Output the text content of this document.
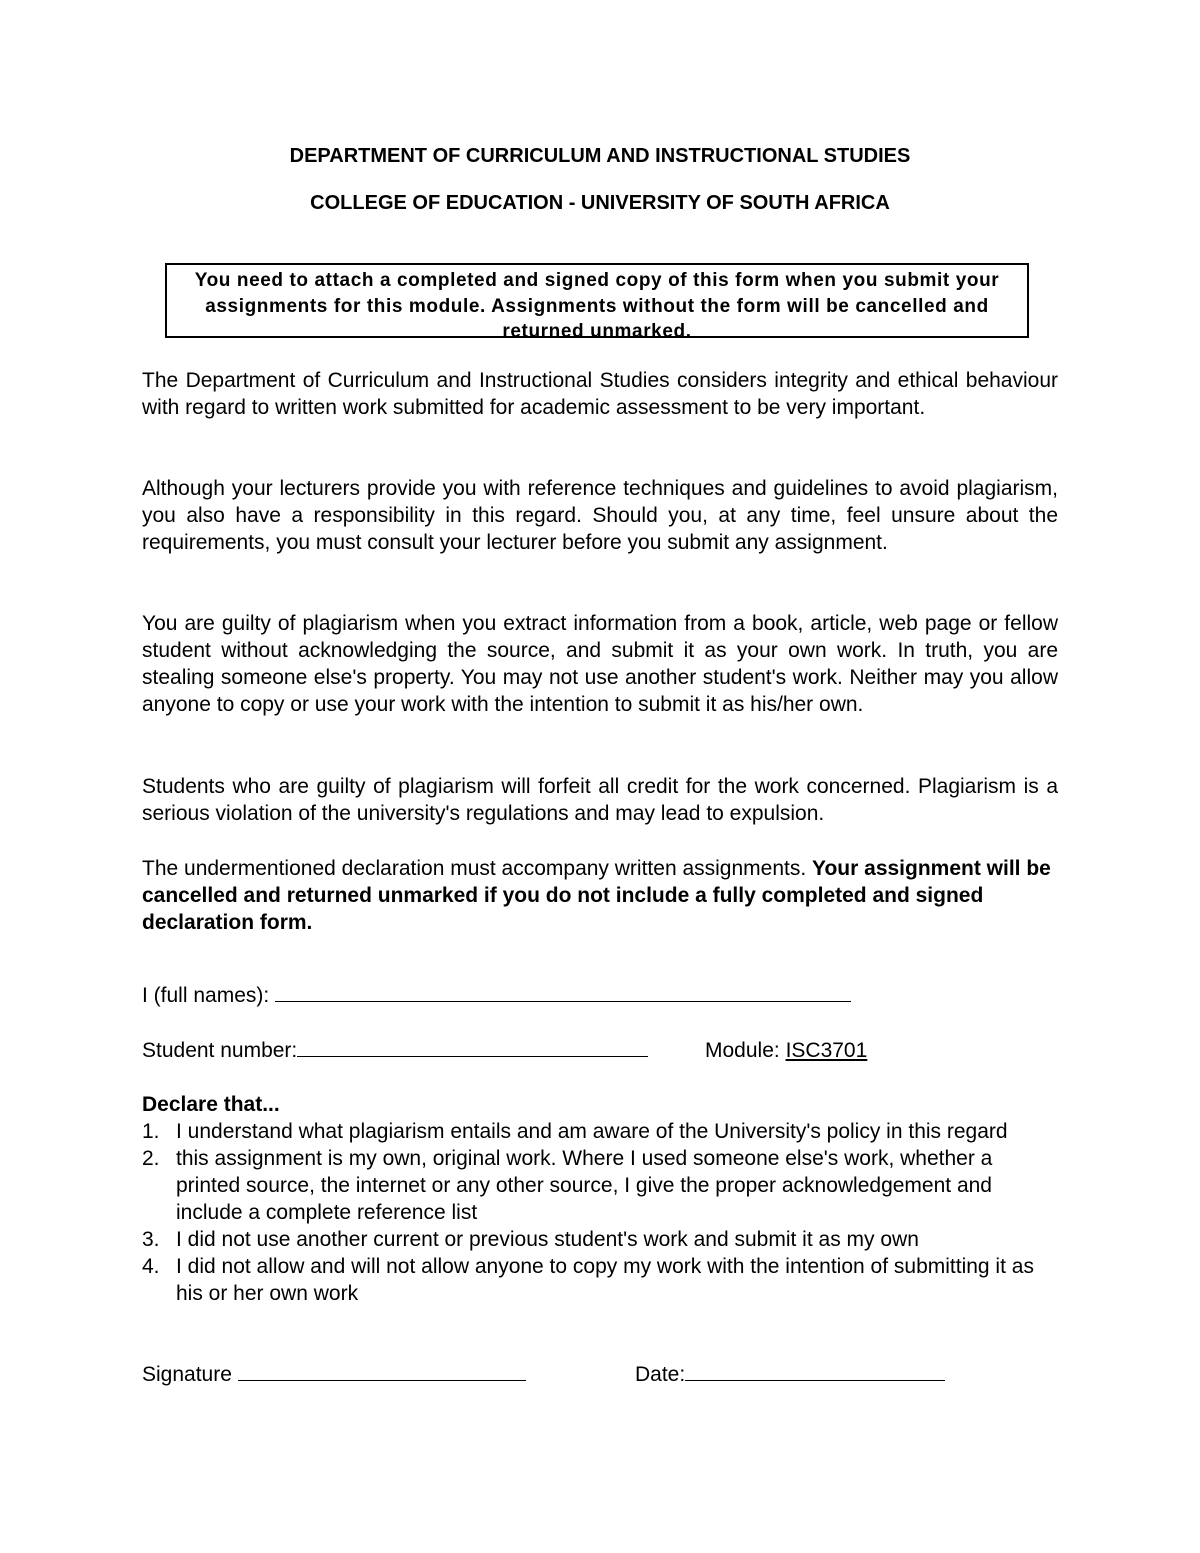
DEPARTMENT OF CURRICULUM AND INSTRUCTIONAL STUDIES
COLLEGE OF EDUCATION - UNIVERSITY OF SOUTH AFRICA
You need to attach a completed and signed copy of this form when you submit your assignments for this module. Assignments without the form will be cancelled and returned unmarked.

The Department of Curriculum and Instructional Studies considers integrity and ethical behaviour with regard to written work submitted for academic assessment to be very important.

Although your lecturers provide you with reference techniques and guidelines to avoid plagiarism, you also have a responsibility in this regard. Should you, at any time, feel unsure about the requirements, you must consult your lecturer before you submit any assignment.

You are guilty of plagiarism when you extract information from a book, article, web page or fellow student without acknowledging the source, and submit it as your own work. In truth, you are stealing someone else's property. You may not use another student's work. Neither may you allow anyone to copy or use your work with the intention to submit it as his/her own.

Students who are guilty of plagiarism will forfeit all credit for the work concerned. Plagiarism is a serious violation of the university's regulations and may lead to expulsion.

The undermentioned declaration must accompany written assignments. Your assignment will be cancelled and returned unmarked if you do not include a fully completed and signed declaration form.

I (full names):
Student number:	Module: ISC3701
Declare that...
1. I understand what plagiarism entails and am aware of the University's policy in this regard
2. this assignment is my own, original work. Where I used someone else's work, whether a printed source, the internet or any other source, I give the proper acknowledgement and include a complete reference list
3. I did not use another current or previous student's work and submit it as my own
4. I did not allow and will not allow anyone to copy my work with the intention of submitting it as his or her own work
Signature	Date:
